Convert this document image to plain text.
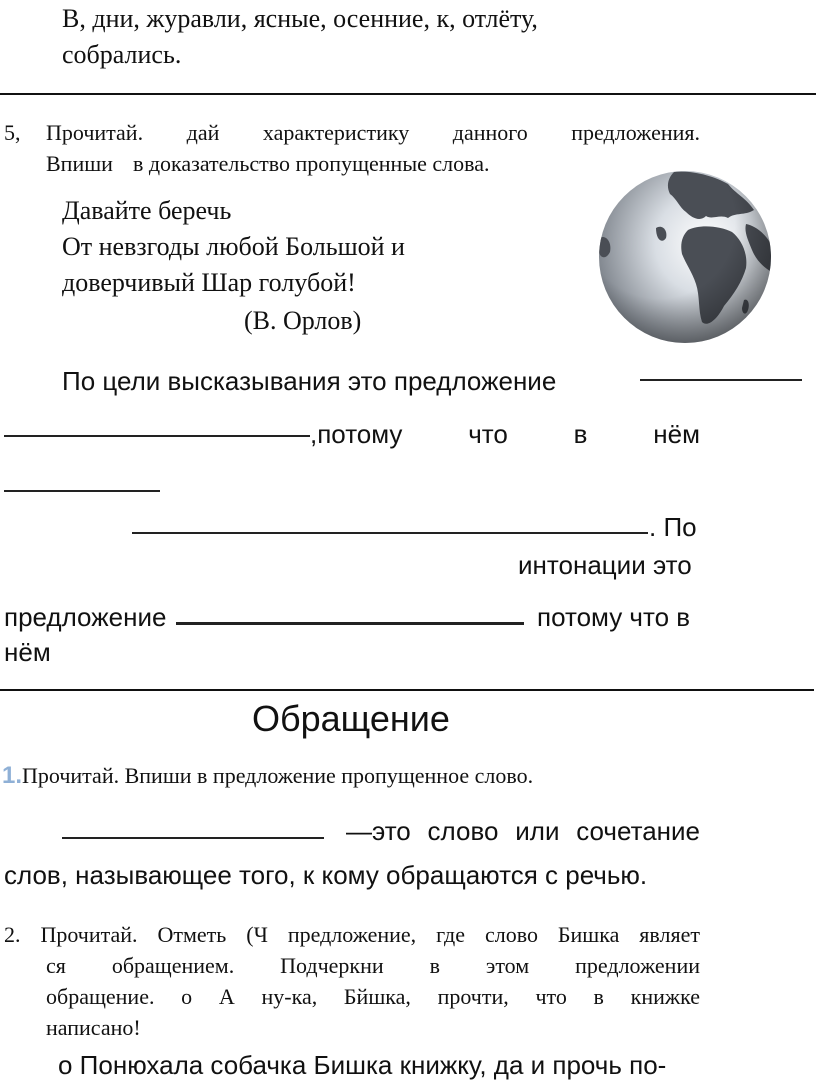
В, дни, журавли, ясные, осенние, к, отлёту,
собрались.
5, Прочитай. дай характеристику данного предложения.
Впиши в доказательство пропущенные слова.
Давайте беречь
От невзгоды любой Большой и
доверчивый Шар голубой!
(В. Орлов)
По цели высказывания это предложение
,потому что в нём
. По
интонации это
предложение	потому что в
нём
Обращение
1.Прочитай. Впиши в предложение пропущенное слово.
—это слово или сочетание
слов, называющее того, к кому обращаются с речью.
2. Прочитай. Отметь (Ч предложение, где слово Бишка являет
ся обращением. Подчеркни в этом предложении
обращение. о А ну-ка, Бйшка, прочти, что в книжке
написано!
о Понюхала собачка Бишка книжку, да и прочь по-
